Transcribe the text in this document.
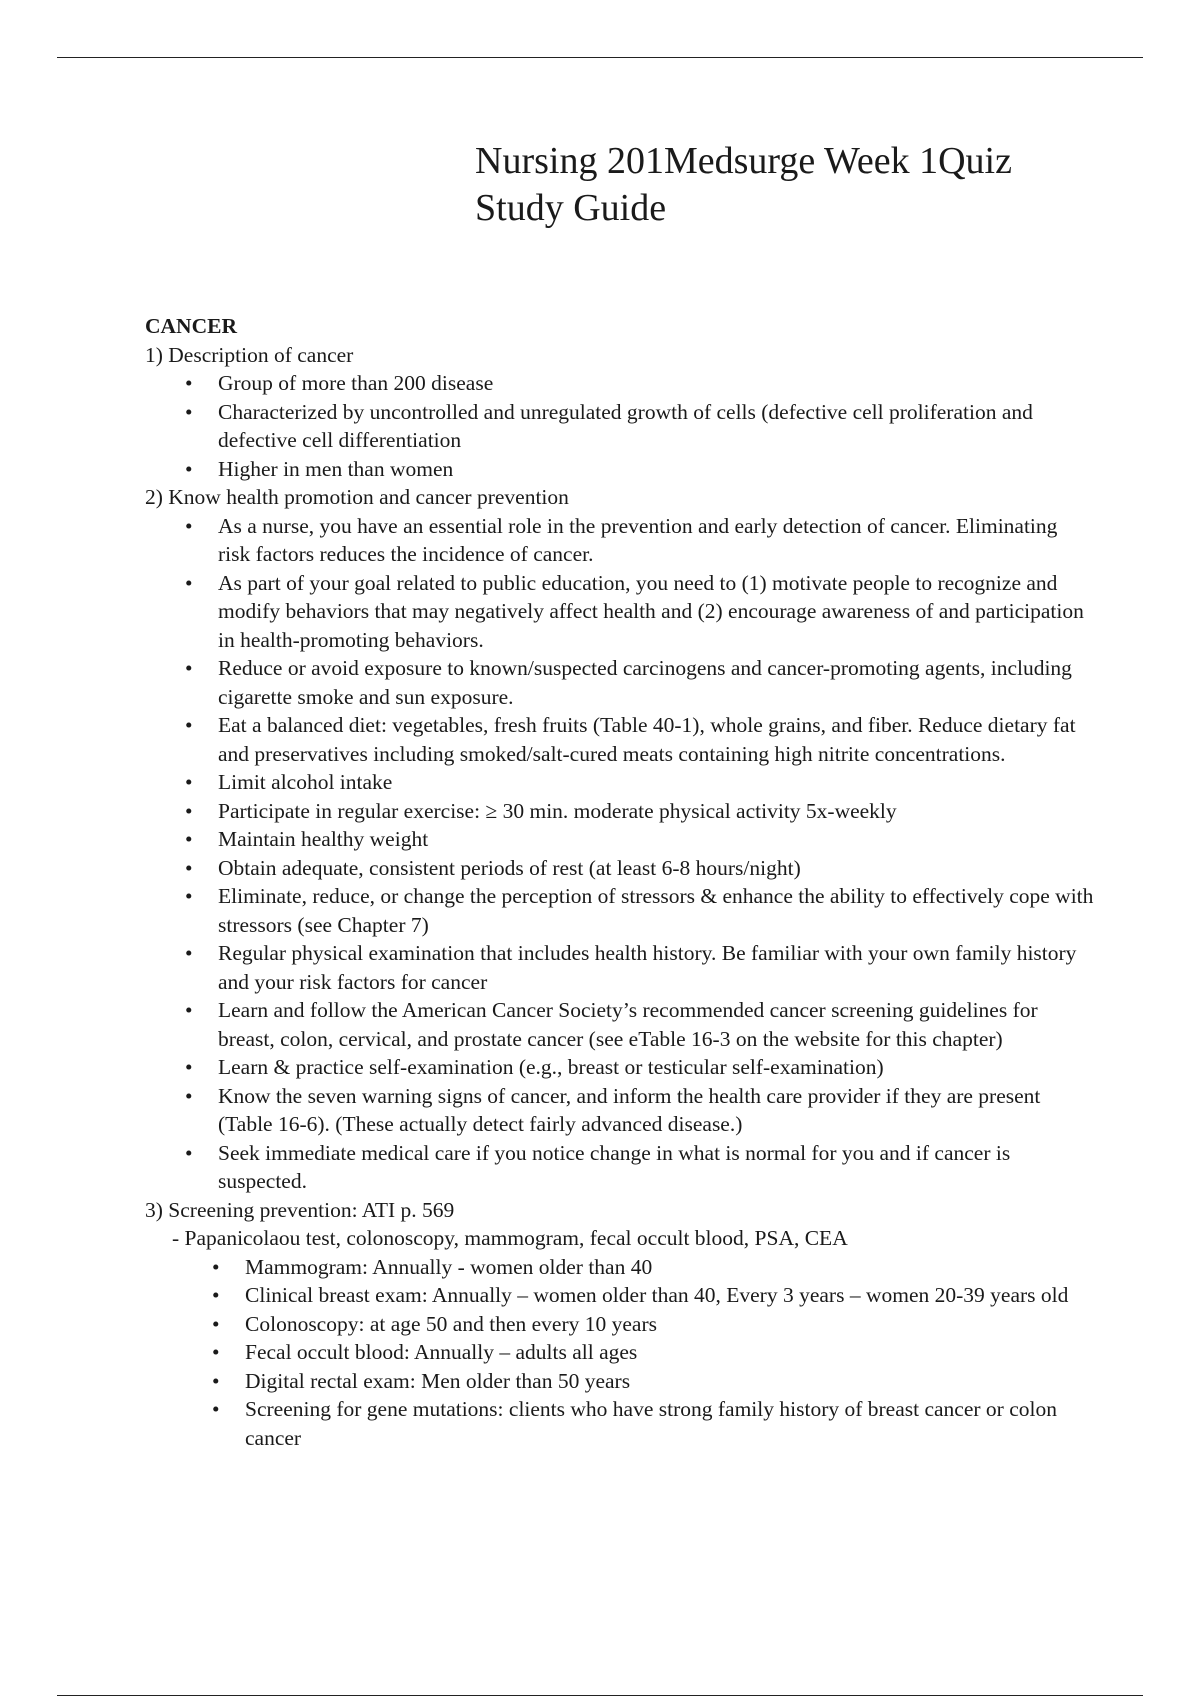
Nursing 201Medsurge Week 1Quiz
Study Guide
CANCER
1) Description of cancer
• Group of more than 200 disease
• Characterized by uncontrolled and unregulated growth of cells (defective cell proliferation and defective cell differentiation
• Higher in men than women
2) Know health promotion and cancer prevention
• As a nurse, you have an essential role in the prevention and early detection of cancer. Eliminating risk factors reduces the incidence of cancer.
• As part of your goal related to public education, you need to (1) motivate people to recognize and modify behaviors that may negatively affect health and (2) encourage awareness of and participation in health-promoting behaviors.
• Reduce or avoid exposure to known/suspected carcinogens and cancer-promoting agents, including cigarette smoke and sun exposure.
• Eat a balanced diet: vegetables, fresh fruits (Table 40-1), whole grains, and fiber. Reduce dietary fat and preservatives including smoked/salt-cured meats containing high nitrite concentrations.
• Limit alcohol intake
• Participate in regular exercise: ≥ 30 min. moderate physical activity 5x-weekly
• Maintain healthy weight
• Obtain adequate, consistent periods of rest (at least 6-8 hours/night)
• Eliminate, reduce, or change the perception of stressors & enhance the ability to effectively cope with stressors (see Chapter 7)
• Regular physical examination that includes health history. Be familiar with your own family history and your risk factors for cancer
• Learn and follow the American Cancer Society’s recommended cancer screening guidelines for breast, colon, cervical, and prostate cancer (see eTable 16-3 on the website for this chapter)
• Learn & practice self-examination (e.g., breast or testicular self-examination)
• Know the seven warning signs of cancer, and inform the health care provider if they are present (Table 16-6). (These actually detect fairly advanced disease.)
• Seek immediate medical care if you notice change in what is normal for you and if cancer is suspected.
3) Screening prevention: ATI p. 569
- Papanicolaou test, colonoscopy, mammogram, fecal occult blood, PSA, CEA
• Mammogram: Annually - women older than 40
• Clinical breast exam: Annually – women older than 40, Every 3 years – women 20-39 years old
• Colonoscopy: at age 50 and then every 10 years
• Fecal occult blood: Annually – adults all ages
• Digital rectal exam: Men older than 50 years
• Screening for gene mutations: clients who have strong family history of breast cancer or colon cancer
